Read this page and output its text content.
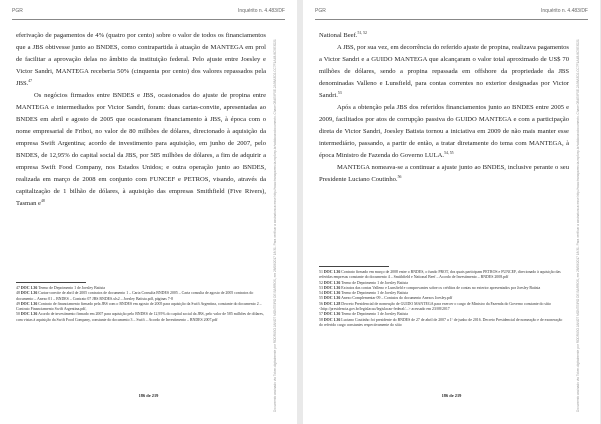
PGR	Inquérito n. 4.483/DF

eferivação de pagamentos de 4% (quatro por cento) sobre o valor de todos os financiamentos que a JBS obtivesse junto ao BNDES, como contrapartida à atuação de MANTEGA em prol de facilitar a aprovação delas no âmbito da instituição federal. Pelo ajuste entre Joesley e Victor Sandri, MANTEGA receberia 50% (cinquenta por cento) dos valores repassados pela JBS.$^{47}$

Os negócios firmados entre BNDES e JBS, ocasionados do ajuste de propina entre MANTEGA e intermediados por Victor Sandri, foram: duas cartas-convite, apresentadas ao BNDES em abril e agosto de 2005 que ocasionaram financiamento à JBS, à época com o nome empresarial de Friboi, no valor de 80 milhões de dólares, direcionado à aquisição da empresa Swift Argentina; acordo de investimento para aquisição, em junho de 2007, pelo BNDES, de 12,95% do capital social da JBS, por 585 milhões de dólares, a fim de adquirir a empresa Swift Food Company, nos Estados Unidos; e outra operação junto ao BNDES, realizada em março de 2008 em conjunto com FUNCEF e PETROS, visando, através da capitalização de 1 bilhão de dólares, à aquisição das empresas Smithfield (Five Rivers), Tasman $e^{48}$

47 DOC 1.36 Termo de Depoimento 1 de Joesley Batista

48 DOC 1.36 Cartas-convite de abril de 2005 contratos de documento 1 – Carta Consulta BNDES 2005 – Carta consulta de agosto de 2005 contratos do documento – Anexo 01 – BNDES – Contrato 07 JBS BNDES.xls2 – Joesley Batista.pdf, páginas 7-8

49 DOC 1.36 Contrato de financiamento firmado pela JBS com o BNDES em agosto de 2005 para aquisição da Swift Argentina, constante do documento 2 – Contrato Financiamento Swift Argentina.pdf,

50 DOC 1.36 Acordo de investimento firmado em 2007 para aquisição pelo BNDES de 12,95% do capital social da JBS, pelo valor de 585 milhões de dólares, com vistas à aquisição da Swift Food Company, constante do documento 3 – Swift – Acordo de Investimento – BNDES 2007.pdf

186 de 219	Documento assinado via Token digitalmente por RODRIGO JANOT MONTEIRO DE BARROS, em 28/08/2017 18:31. Para verificar a assinatura acesse http://www.transparencia.mpf.mp.br/validacaodocumento. Chave 0B4E9F0E.2A58A3D2.CC7F1A4B.8C5E3D21
PGR	Inquérito n. 4.483/DF

National Beef.$^{51, 52}$

A JBS, por sua vez, em decorrência do referido ajuste de propina, realizava pagamentos a Victor Sandri e a GUIDO MANTEGA que alcançaram o valor total aproximado de US$ 70 milhões de dólares, sendo a propina repassada em offshore da propriedade da JBS denominadas Valleno e Lunsfield, para contas correntes no exterior designadas por Victor Sandri.$^{53}$

Após a obtenção pela JBS dos referidos financiamentos junto ao BNDES entre 2005 e 2009, facilitados por atos de corrupção passiva do GUIDO MANTEGA e com a participação direta de Victor Sandri, Joesley Batista tornou a iniciativa em 2009 de não mais manter esse intermediário, passando, a partir de então, a tratar diretamente do tema com MANTEGA, à época Ministro de Fazenda do Governo LULA.$^{54, 55}$

MANTEGA nomeava-se a continuar a ajuste junto ao BNDES, inclusive perante o seu Presidente Luciano Coutinho.$^{56}$

51 DOC 1.36 Contrato firmado em março de 2008 entre o BNDES, o fundo PROT, dos quais participam PETROS e FUNCEF, direcionado à aquisição das referidas empresas constante do documento 4 – Smithfield e National Beef – Acordo de Investimento – BNDES 2008.pdf

52 DOC 1.36 Termo de Depoimento 1 de Joesley Batista

53 DOC 1.36 Extratos das contas Valleno e Lunsfield e comprovantes sobre os créditos de contas no exterior apresentados por Joesley Batista

54 DOC 1.36 Termo de Depoimento 1 de Joesley Batista

55 DOC 1.36 Anexo Complementar 09 – Contatos do documento Anexos Joesley.pdf

56 DOC 1.28 Decreto Presidencial de nomeação de GUIDO MANTEGA para exercer o cargo de Ministro da Fazenda do Governo constante do sítio <http://presidencia.gov.br/legislacao/legislacao-federal/...> acessado em 23/08/2017

57 DOC 1.36 Termo de Depoimento 1 de Joesley Batista

58 DOC 1.36 Luciano Coutinho foi presidente do BNDES de 27 de abril de 2007 a 1º de junho de 2016. Decreto Presidencial de nomeação e de exoneração do referido cargo constantes respectivamente do sítio

186 de 219	Documento assinado via Token digitalmente por RODRIGO JANOT MONTEIRO DE BARROS, em 28/08/2017 18:31. Para verificar a assinatura acesse http://www.transparencia.mpf.mp.br/validacaodocumento. Chave 0B4E9F0E.2A58A3D2.CC7F1A4B.8C5E3D21
